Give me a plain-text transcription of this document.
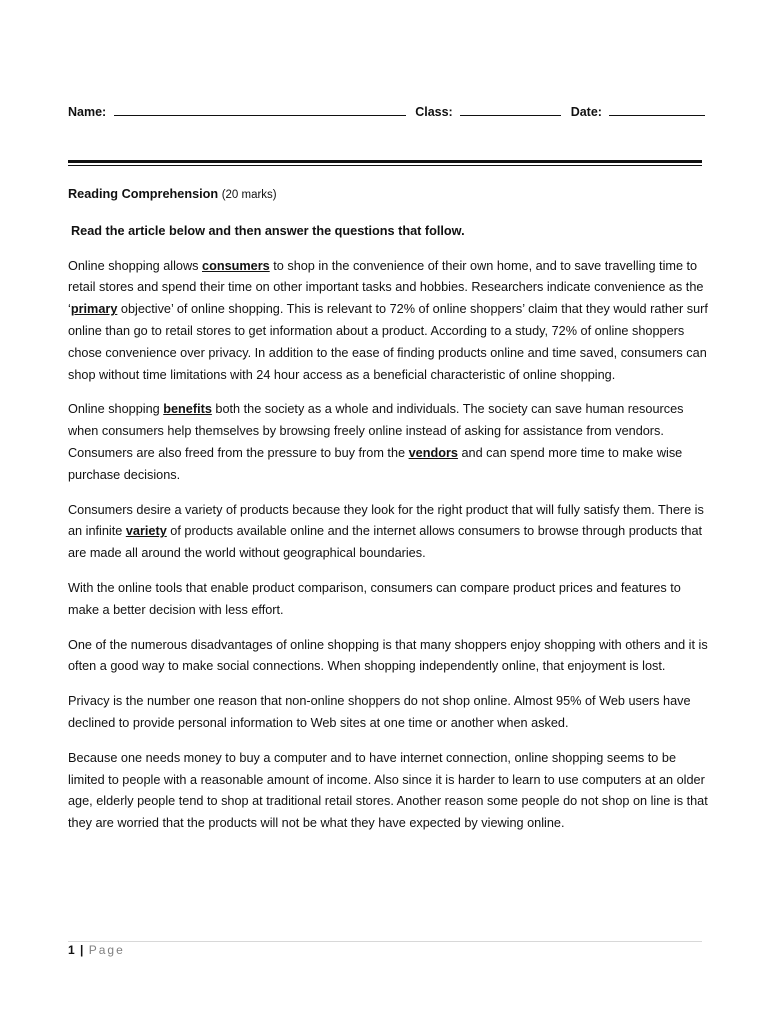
Name:	Class:	Date:
Reading Comprehension (20 marks)
Read the article below and then answer the questions that follow.

Online shopping allows consumers to shop in the convenience of their own home, and to save travelling time to retail stores and spend their time on other important tasks and hobbies. Researchers indicate convenience as the ‘primary objective’ of online shopping. This is relevant to 72% of online shoppers’ claim that they would rather surf online than go to retail stores to get information about a product. According to a study, 72% of online shoppers chose convenience over privacy. In addition to the ease of finding products online and time saved, consumers can shop without time limitations with 24 hour access as a beneficial characteristic of online shopping.

Online shopping benefits both the society as a whole and individuals. The society can save human resources when consumers help themselves by browsing freely online instead of asking for assistance from vendors. Consumers are also freed from the pressure to buy from the vendors and can spend more time to make wise purchase decisions.

Consumers desire a variety of products because they look for the right product that will fully satisfy them. There is an infinite variety of products available online and the internet allows consumers to browse through products that are made all around the world without geographical boundaries.

With the online tools that enable product comparison, consumers can compare product prices and features to make a better decision with less effort.

One of the numerous disadvantages of online shopping is that many shoppers enjoy shopping with others and it is often a good way to make social connections. When shopping independently online, that enjoyment is lost.

Privacy is the number one reason that non-online shoppers do not shop online. Almost 95% of Web users have declined to provide personal information to Web sites at one time or another when asked.

Because one needs money to buy a computer and to have internet connection, online shopping seems to be limited to people with a reasonable amount of income. Also since it is harder to learn to use computers at an older age, elderly people tend to shop at traditional retail stores. Another reason some people do not shop on line is that they are worried that the products will not be what they have expected by viewing online.

1 | Page
